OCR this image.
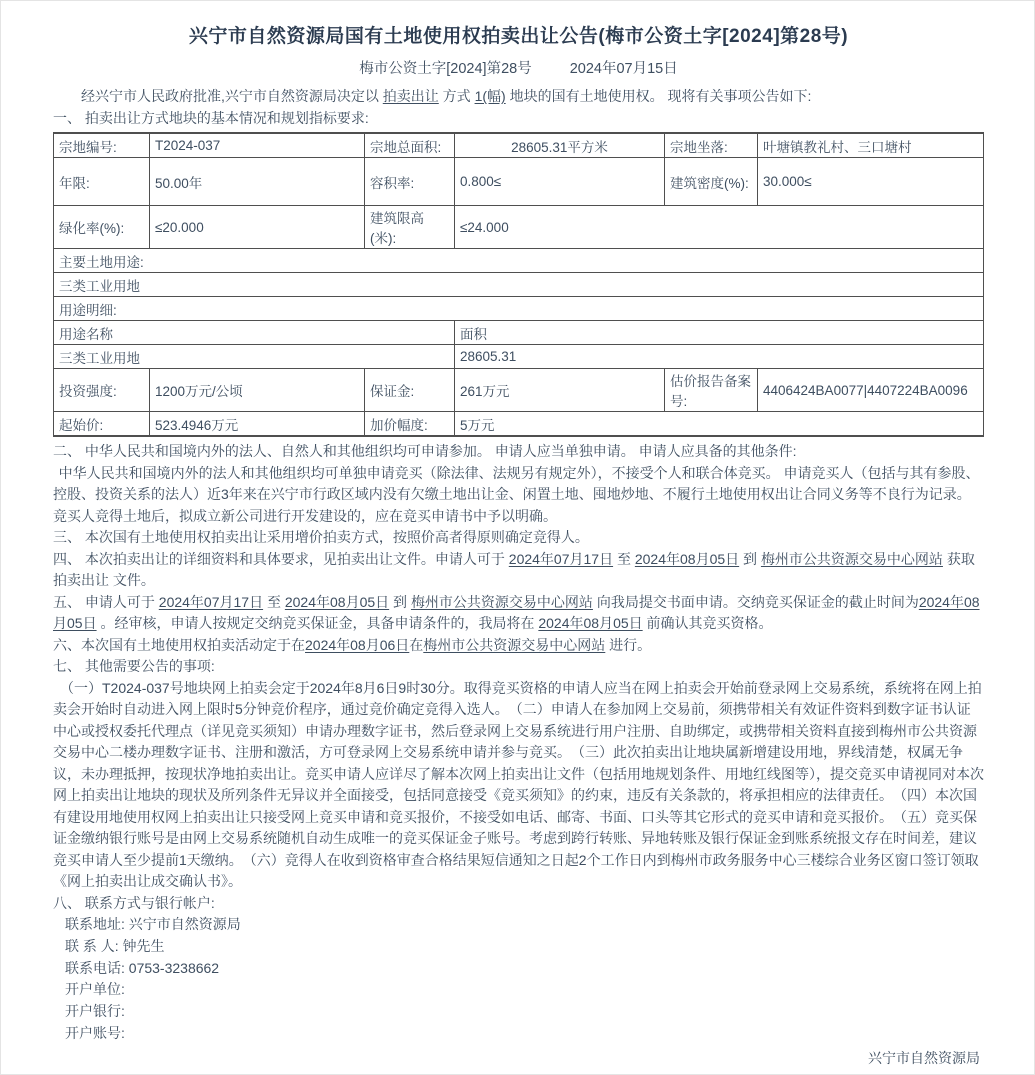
兴宁市自然资源局国有土地使用权拍卖出让公告(梅市公资土字[2024]第28号)
梅市公资土字[2024]第28号	2024年07月15日

经兴宁市人民政府批准,兴宁市自然资源局决定以 拍卖出让 方式 1(幅) 地块的国有土地使用权。 现将有关事项公告如下:

一、 拍卖出让方式地块的基本情况和规划指标要求:

宗地编号:	T2024-037	宗地总面积:	28605.31平方米	宗地坐落:	叶塘镇教礼村、三口塘村
年限:	50.00年	容积率:	0.800≤	建筑密度(%):	30.000≤
绿化率(%):	≤20.000	建筑限高(米):	≤24.000		
主要土地用途:					
三类工业用地					
用途明细:					
用途名称			面积		
三类工业用地			28605.31		
投资强度:	1200万元/公顷	保证金:	261万元	估价报告备案号:	4406424BA0077|4407224BA0096
起始价:	523.4946万元	加价幅度:	5万元		

二、 中华人民共和国境内外的法人、自然人和其他组织均可申请参加。 申请人应当单独申请。 申请人应具备的其他条件:

中华人民共和国境内外的法人和其他组织均可单独申请竞买（除法律、法规另有规定外），不接受个人和联合体竞买。 申请竞买人（包括与其有参股、控股、投资关系的法人）近3年来在兴宁市行政区域内没有欠缴土地出让金、闲置土地、囤地炒地、不履行土地使用权出让合同义务等不良行为记录。 竞买人竞得土地后，拟成立新公司进行开发建设的，应在竞买申请书中予以明确。

三、 本次国有土地使用权拍卖出让采用增价拍卖方式，按照价高者得原则确定竞得人。

四、 本次拍卖出让的详细资料和具体要求，见拍卖出让文件。申请人可于 2024年07月17日 至 2024年08月05日 到 梅州市公共资源交易中心网站 获取 拍卖出让 文件。

五、 申请人可于 2024年07月17日 至 2024年08月05日 到 梅州市公共资源交易中心网站 向我局提交书面申请。交纳竞买保证金的截止时间为2024年08月05日 。经审核，申请人按规定交纳竞买保证金，具备申请条件的，我局将在 2024年08月05日 前确认其竞买资格。

六、本次国有土地使用权拍卖活动定于在2024年08月06日在梅州市公共资源交易中心网站 进行。

七、 其他需要公告的事项:

　（一）T2024-037号地块网上拍卖会定于2024年8月6日9时30分。取得竞买资格的申请人应当在网上拍卖会开始前登录网上交易系统，系统将在网上拍卖会开始时自动进入网上限时5分钟竞价程序，通过竞价确定竞得入选人。　（二）申请人在参加网上交易前，须携带相关有效证件资料到数字证书认证中心或授权委托代理点（详见竞买须知）申请办理数字证书，然后登录网上交易系统进行用户注册、自助绑定，或携带相关资料直接到梅州市公共资源交易中心二楼办理数字证书、注册和激活，方可登录网上交易系统申请并参与竞买。　（三）此次拍卖出让地块属新增建设用地，界线清楚，权属无争议，未办理抵押，按现状净地拍卖出让。竞买申请人应详尽了解本次网上拍卖出让文件（包括用地规划条件、用地红线图等），提交竞买申请视同对本次网上拍卖出让地块的现状及所列条件无异议并全面接受，包括同意接受《竞买须知》的约束，违反有关条款的，将承担相应的法律责任。　（四）本次国有建设用地使用权网上拍卖出让只接受网上竞买申请和竞买报价，不接受如电话、邮寄、书面、口头等其它形式的竞买申请和竞买报价。　（五）竞买保证金缴纳银行账号是由网上交易系统随机自动生成唯一的竞买保证金子账号。考虑到跨行转账、异地转账及银行保证金到账系统报文存在时间差，建议竞买申请人至少提前1天缴纳。　（六）竞得人在收到资格审查合格结果短信通知之日起2个工作日内到梅州市政务服务中心三楼综合业务区窗口签订领取《网上拍卖出让成交确认书》。

八、 联系方式与银行帐户:

联系地址: 兴宁市自然资源局

联 系 人: 钟先生

联系电话: 0753-3238662

开户单位:

开户银行:

开户账号:

兴宁市自然资源局
